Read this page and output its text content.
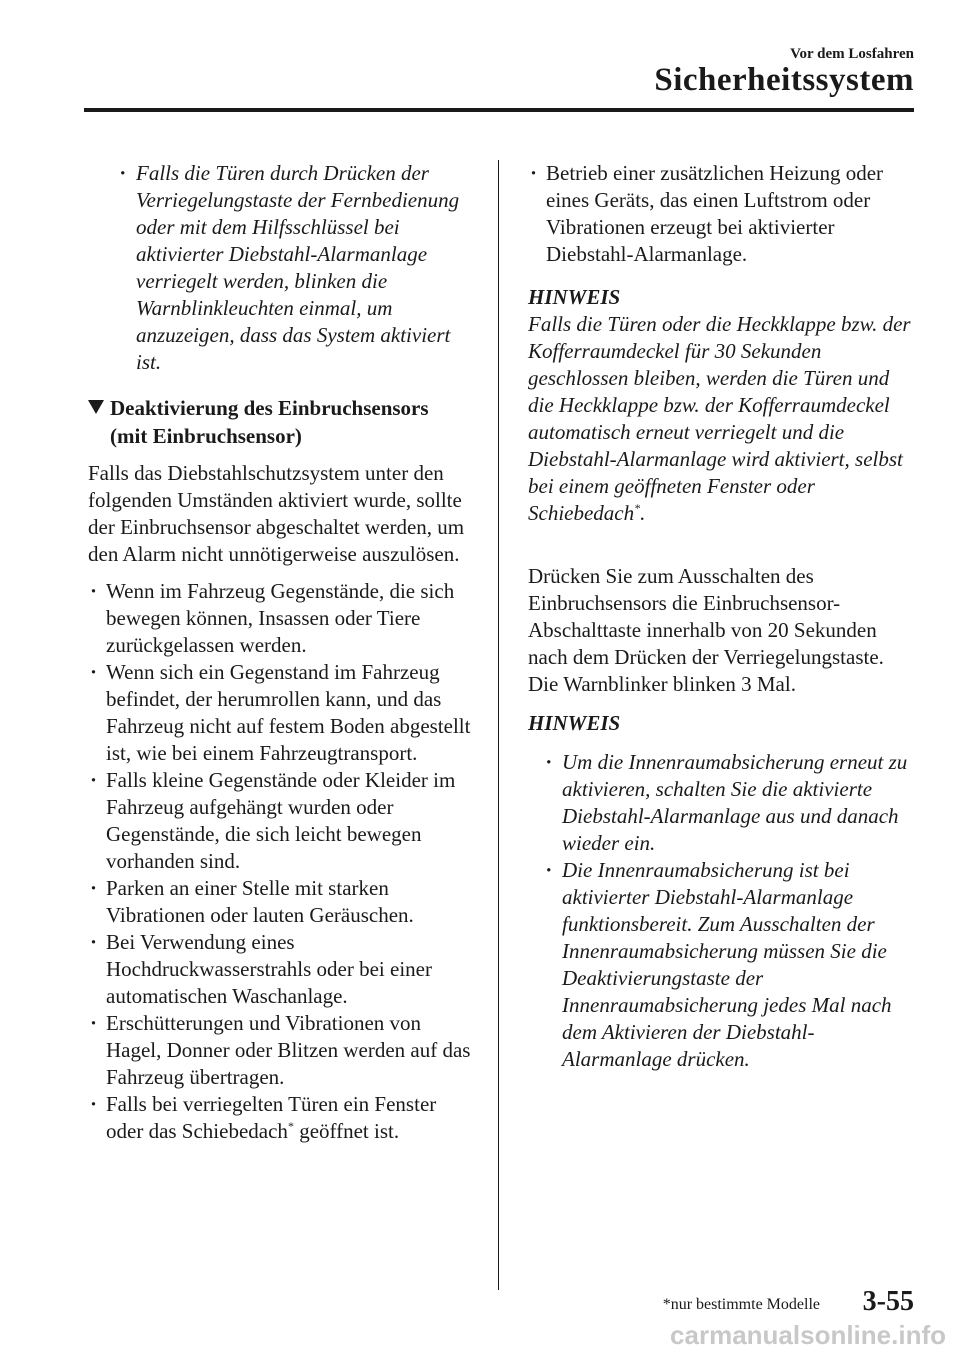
Vor dem Losfahren
Sicherheitssystem
· Falls die Türen durch Drücken der Verriegelungstaste der Fernbedienung oder mit dem Hilfsschlüssel bei aktivierter Diebstahl-Alarmanlage verriegelt werden, blinken die Warnblinkleuchten einmal, um anzuzeigen, dass das System aktiviert ist.
Deaktivierung des Einbruchsensors
(mit Einbruchsensor)

Falls das Diebstahlschutzsystem unter den folgenden Umständen aktiviert wurde, sollte der Einbruchsensor abgeschaltet werden, um den Alarm nicht unnötigerweise auszulösen.

· Wenn im Fahrzeug Gegenstände, die sich bewegen können, Insassen oder Tiere zurückgelassen werden.
· Wenn sich ein Gegenstand im Fahrzeug befindet, der herumrollen kann, und das Fahrzeug nicht auf festem Boden abgestellt ist, wie bei einem Fahrzeugtransport.
· Falls kleine Gegenstände oder Kleider im Fahrzeug aufgehängt wurden oder Gegenstände, die sich leicht bewegen vorhanden sind.
· Parken an einer Stelle mit starken Vibrationen oder lauten Geräuschen.
· Bei Verwendung eines Hochdruckwasserstrahls oder bei einer automatischen Waschanlage.
· Erschütterungen und Vibrationen von Hagel, Donner oder Blitzen werden auf das Fahrzeug übertragen.
· Falls bei verriegelten Türen ein Fenster oder das Schiebedach* geöffnet ist.
· Betrieb einer zusätzlichen Heizung oder eines Geräts, das einen Luftstrom oder Vibrationen erzeugt bei aktivierter Diebstahl-Alarmanlage.
HINWEIS

Falls die Türen oder die Heckklappe bzw. der Kofferraumdeckel für 30 Sekunden geschlossen bleiben, werden die Türen und die Heckklappe bzw. der Kofferraumdeckel automatisch erneut verriegelt und die Diebstahl-Alarmanlage wird aktiviert, selbst bei einem geöffneten Fenster oder Schiebedach*.

Drücken Sie zum Ausschalten des Einbruchsensors die Einbruchsensor-Abschalttaste innerhalb von 20 Sekunden nach dem Drücken der Verriegelungstaste.

Die Warnblinker blinken 3 Mal.

HINWEIS
· Um die Innenraumabsicherung erneut zu aktivieren, schalten Sie die aktivierte Diebstahl-Alarmanlage aus und danach wieder ein.
· Die Innenraumabsicherung ist bei aktivierter Diebstahl-Alarmanlage funktionsbereit. Zum Ausschalten der Innenraumabsicherung müssen Sie die Deaktivierungstaste der Innenraumabsicherung jedes Mal nach dem Aktivieren der Diebstahl-Alarmanlage drücken.
*nur bestimmte Modelle 3-55
carmanualsonline.info
